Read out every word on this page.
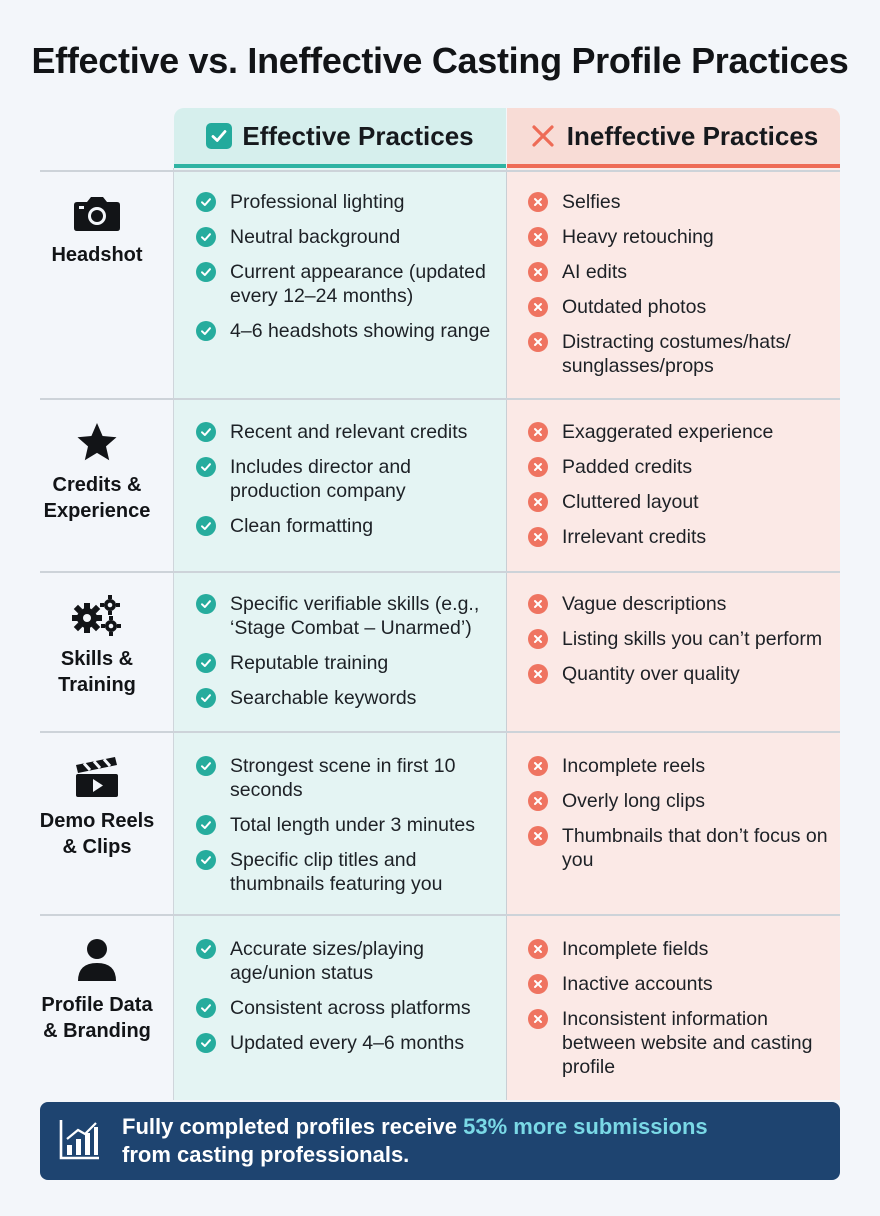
Effective vs. Ineffective Casting Profile Practices
Effective Practices	Ineffective Practices
Headshot
Professional lighting
Neutral background
Current appearance (updated every 12–24 months)
4–6 headshots showing range
Selfies
Heavy retouching
AI edits
Outdated photos
Distracting costumes/hats/ sunglasses/props
Credits &
Experience
Recent and relevant credits
Includes director and production company
Clean formatting
Exaggerated experience
Padded credits
Cluttered layout
Irrelevant credits
Skills &
Training
Specific verifiable skills (e.g., ‘Stage Combat – Unarmed’)
Reputable training
Searchable keywords
Vague descriptions
Listing skills you can’t perform
Quantity over quality
Demo Reels
& Clips
Strongest scene in first 10 seconds
Total length under 3 minutes
Specific clip titles and thumbnails featuring you
Incomplete reels
Overly long clips
Thumbnails that don’t focus on you
Profile Data
& Branding
Accurate sizes/playing age/union status
Consistent across platforms
Updated every 4–6 months
Incomplete fields
Inactive accounts
Inconsistent information between website and casting profile
Fully completed profiles receive 53% more submissions
from casting professionals.
